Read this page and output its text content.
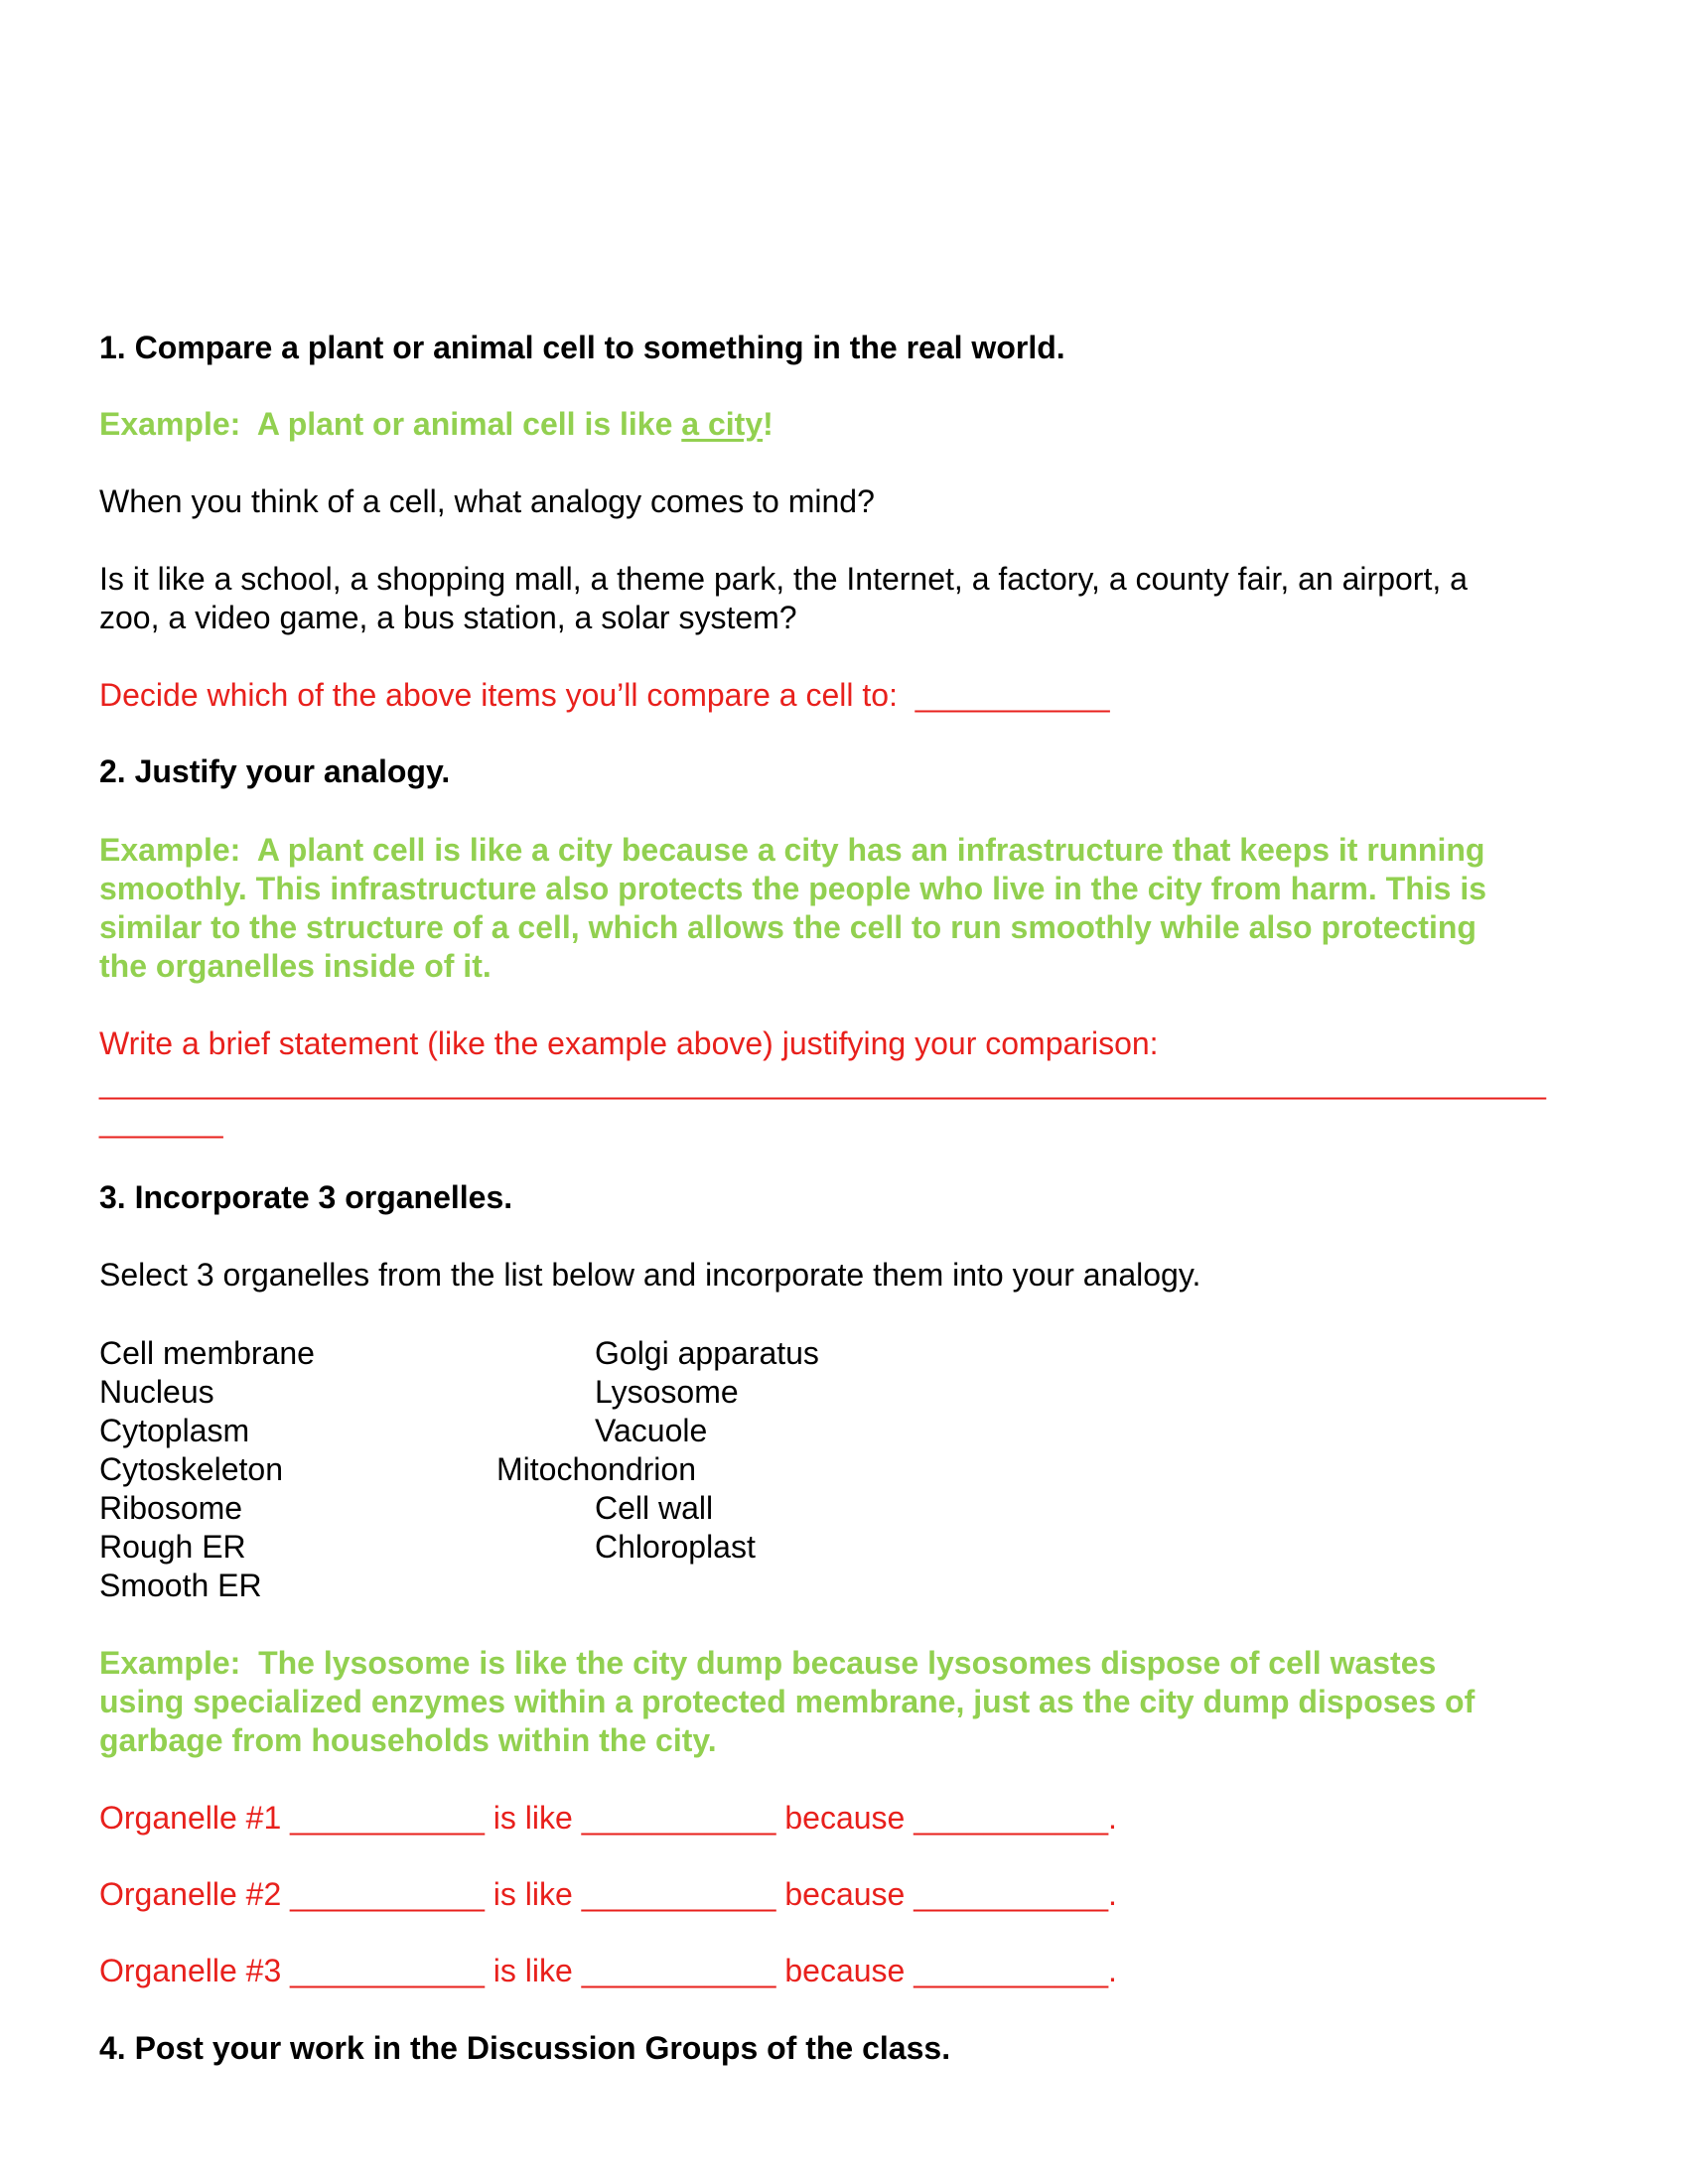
1. Compare a plant or animal cell to something in the real world.

Example:  A plant or animal cell is like a city!

When you think of a cell, what analogy comes to mind?

Is it like a school, a shopping mall, a theme park, the Internet, a factory, a county fair, an airport, a

zoo, a video game, a bus station, a solar system?

Decide which of the above items you’ll compare a cell to:  ___________

2. Justify your analogy.

Example:  A plant cell is like a city because a city has an infrastructure that keeps it running

smoothly. This infrastructure also protects the people who live in the city from harm. This is

similar to the structure of a cell, which allows the cell to run smoothly while also protecting

the organelles inside of it.

Write a brief statement (like the example above) justifying your comparison:

________________________________________________________________________________

_______

3. Incorporate 3 organelles.

Select 3 organelles from the list below and incorporate them into your analogy.

Cell membrane

Nucleus

Cytoplasm

Cytoskeleton

Ribosome

Rough ER

Smooth ER

Golgi apparatus

Lysosome

Vacuole

Mitochondrion

Cell wall

Chloroplast

Example:  The lysosome is like the city dump because lysosomes dispose of cell wastes

using specialized enzymes within a protected membrane, just as the city dump disposes of

garbage from households within the city.

Organelle #1 ___________ is like ___________ because ___________.

Organelle #2 ___________ is like ___________ because ___________.

Organelle #3 ___________ is like ___________ because ___________.

4. Post your work in the Discussion Groups of the class.
